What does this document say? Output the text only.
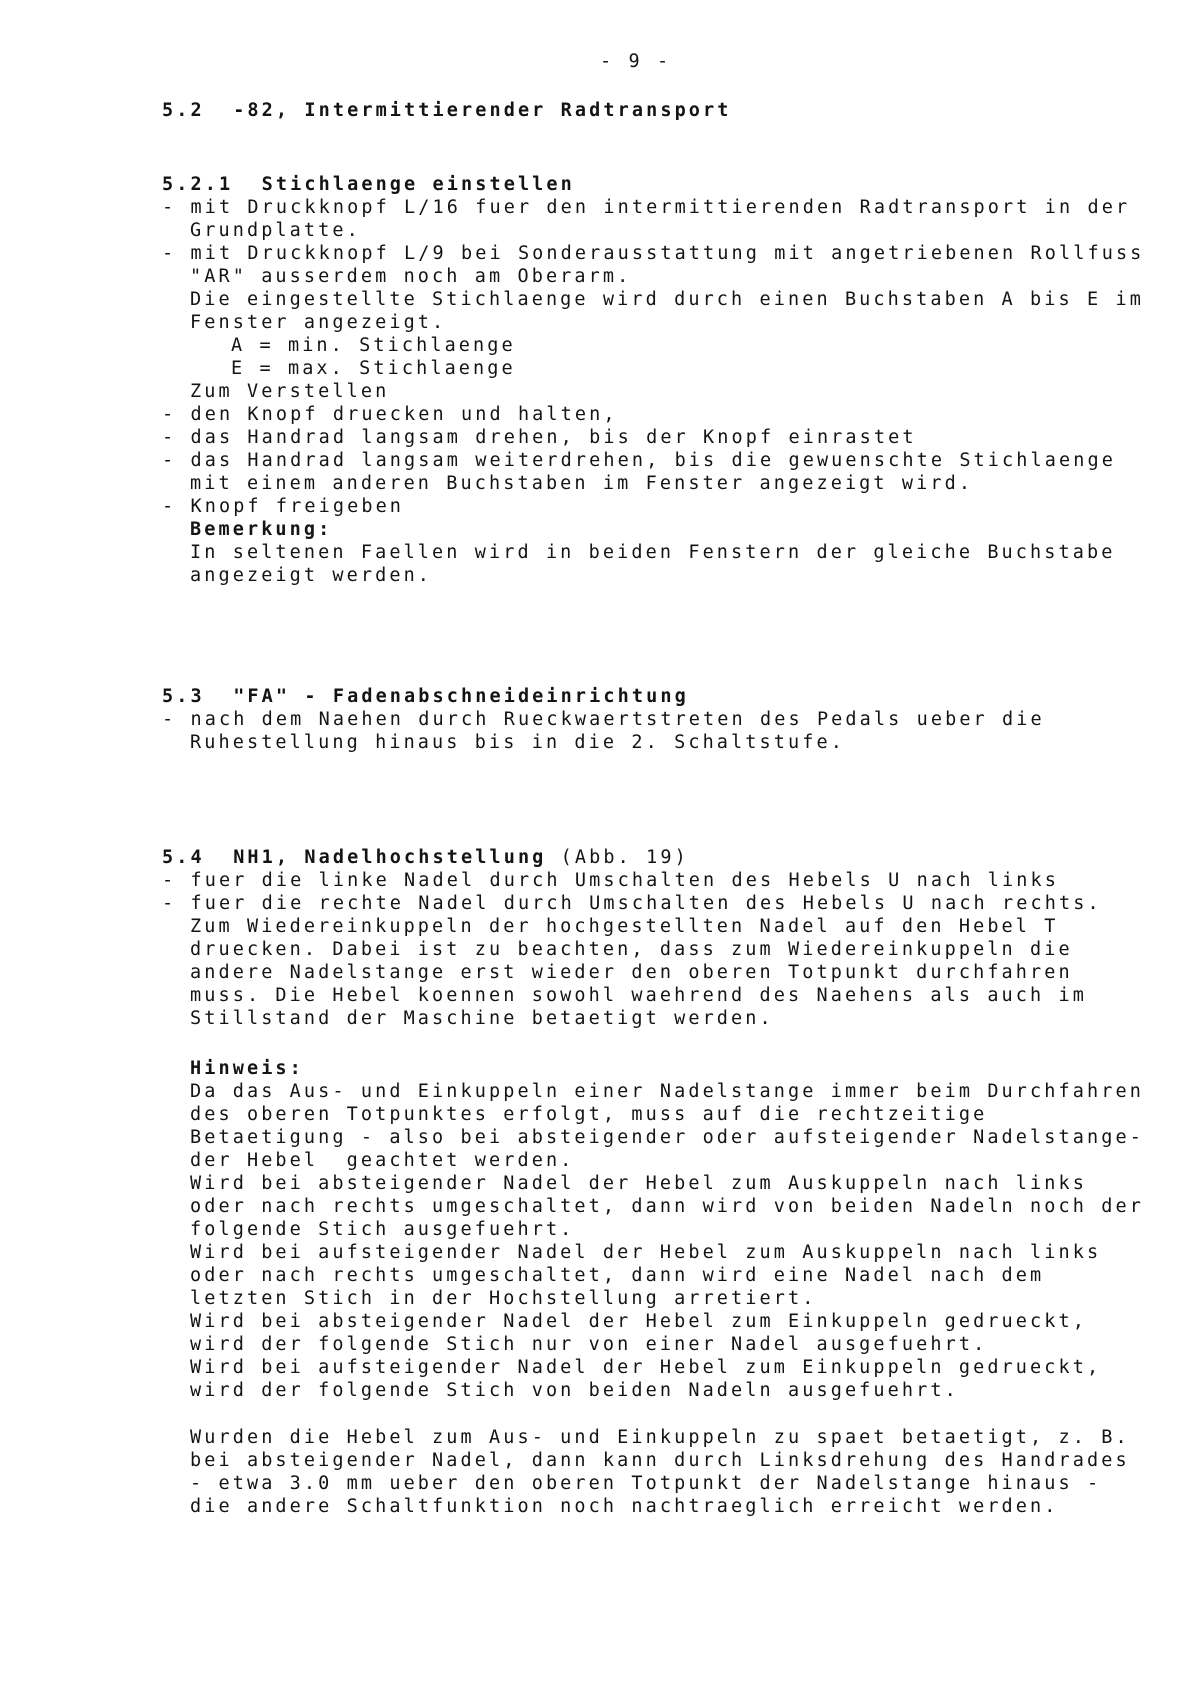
- 9 -
5.2  -82, Intermittierender Radtransport
5.2.1  Stichlaenge einstellen
- mit Druckknopf L/16 fuer den intermittierenden Radtransport in der
Grundplatte.
- mit Druckknopf L/9 bei Sonderausstattung mit angetriebenen Rollfuss
"AR" ausserdem noch am Oberarm.
Die eingestellte Stichlaenge wird durch einen Buchstaben A bis E im
Fenster angezeigt.
A = min. Stichlaenge
E = max. Stichlaenge
Zum Verstellen
- den Knopf druecken und halten,
- das Handrad langsam drehen, bis der Knopf einrastet
- das Handrad langsam weiterdrehen, bis die gewuenschte Stichlaenge
mit einem anderen Buchstaben im Fenster angezeigt wird.
- Knopf freigeben
Bemerkung:
In seltenen Faellen wird in beiden Fenstern der gleiche Buchstabe
angezeigt werden.
5.3  "FA" - Fadenabschneideinrichtung
- nach dem Naehen durch Rueckwaertstreten des Pedals ueber die
Ruhestellung hinaus bis in die 2. Schaltstufe.
5.4  NH1, Nadelhochstellung (Abb. 19)
- fuer die linke Nadel durch Umschalten des Hebels U nach links
- fuer die rechte Nadel durch Umschalten des Hebels U nach rechts.
Zum Wiedereinkuppeln der hochgestellten Nadel auf den Hebel T
druecken. Dabei ist zu beachten, dass zum Wiedereinkuppeln die
andere Nadelstange erst wieder den oberen Totpunkt durchfahren
muss. Die Hebel koennen sowohl waehrend des Naehens als auch im
Stillstand der Maschine betaetigt werden.
Hinweis:
Da das Aus- und Einkuppeln einer Nadelstange immer beim Durchfahren
des oberen Totpunktes erfolgt, muss auf die rechtzeitige
Betaetigung - also bei absteigender oder aufsteigender Nadelstange-
der Hebel  geachtet werden.
Wird bei absteigender Nadel der Hebel zum Auskuppeln nach links
oder nach rechts umgeschaltet, dann wird von beiden Nadeln noch der
folgende Stich ausgefuehrt.
Wird bei aufsteigender Nadel der Hebel zum Auskuppeln nach links
oder nach rechts umgeschaltet, dann wird eine Nadel nach dem
letzten Stich in der Hochstellung arretiert.
Wird bei absteigender Nadel der Hebel zum Einkuppeln gedrueckt,
wird der folgende Stich nur von einer Nadel ausgefuehrt.
Wird bei aufsteigender Nadel der Hebel zum Einkuppeln gedrueckt,
wird der folgende Stich von beiden Nadeln ausgefuehrt.
Wurden die Hebel zum Aus- und Einkuppeln zu spaet betaetigt, z. B.
bei absteigender Nadel, dann kann durch Linksdrehung des Handrades
- etwa 3.0 mm ueber den oberen Totpunkt der Nadelstange hinaus -
die andere Schaltfunktion noch nachtraeglich erreicht werden.
